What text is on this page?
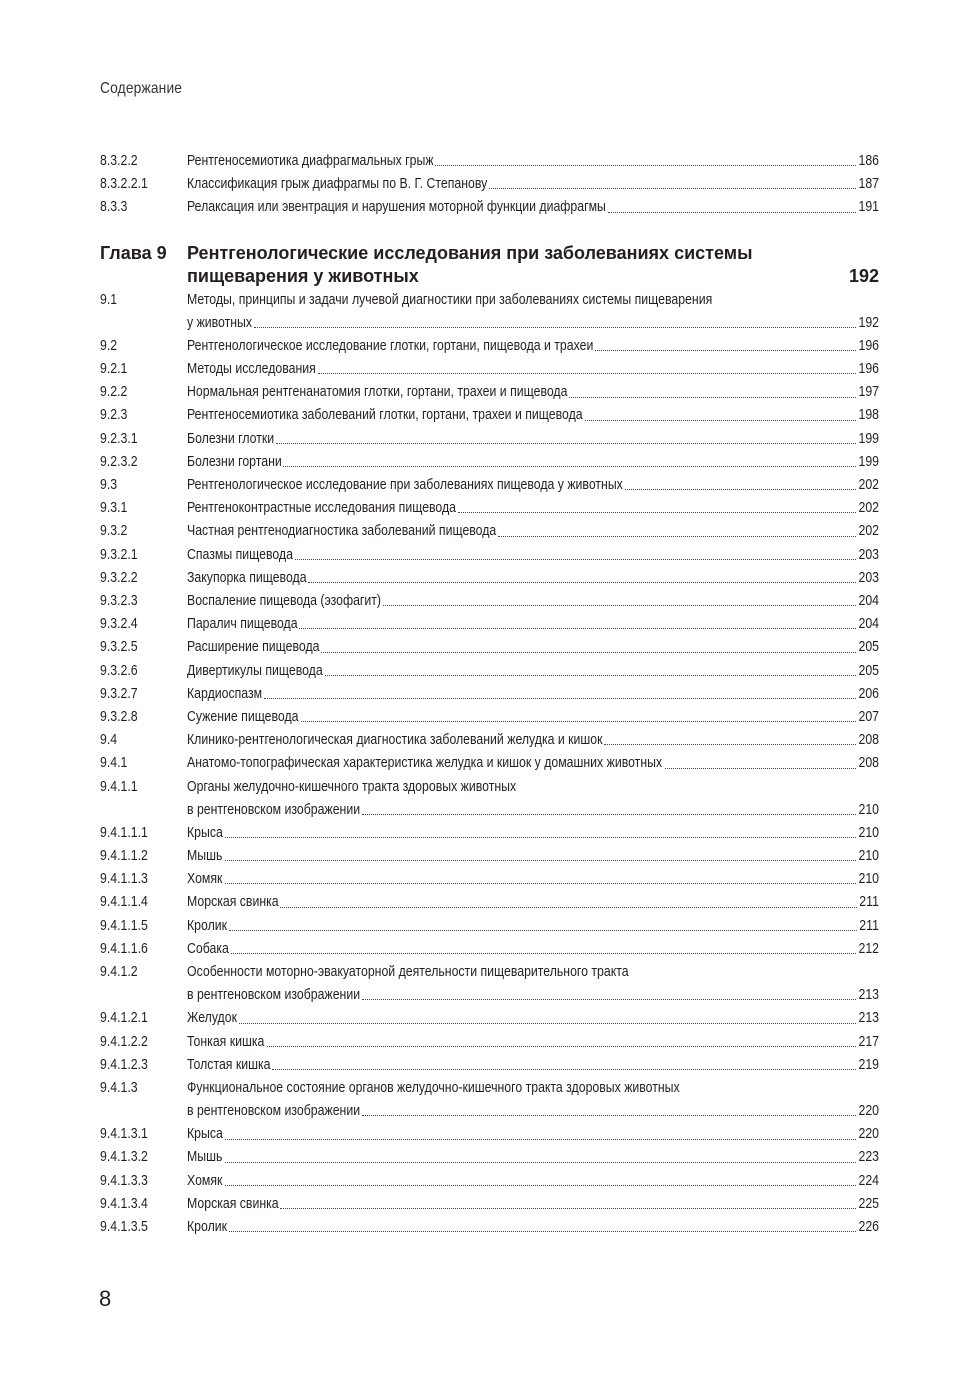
Содержание
8.3.2.2	Рентгеносемиотика диафрагмальных грыж	186
8.3.2.2.1	Классификация грыж диафрагмы по В. Г. Степанову	187
8.3.3	Релаксация или эвентрация и нарушения моторной функции диафрагмы	191
Глава 9	Рентгенологические исследования при заболеваниях системы
пищеварения у животных	192
9.1	Методы, принципы и задачи лучевой диагностики при заболеваниях системы пищеварения
у животных	192
9.2	Рентгенологическое исследование глотки, гортани, пищевода и трахеи	196
9.2.1	Методы исследования	196
9.2.2	Нормальная рентгенанатомия глотки, гортани, трахеи и пищевода	197
9.2.3	Рентгеносемиотика заболеваний глотки, гортани, трахеи и пищевода	198
9.2.3.1	Болезни глотки	199
9.2.3.2	Болезни гортани	199
9.3	Рентгенологическое исследование при заболеваниях пищевода у животных	202
9.3.1	Рентгеноконтрастные исследования пищевода	202
9.3.2	Частная рентгенодиагностика заболеваний пищевода	202
9.3.2.1	Спазмы пищевода	203
9.3.2.2	Закупорка пищевода	203
9.3.2.3	Воспаление пищевода (эзофагит)	204
9.3.2.4	Паралич пищевода	204
9.3.2.5	Расширение пищевода	205
9.3.2.6	Дивертикулы пищевода	205
9.3.2.7	Кардиоспазм	206
9.3.2.8	Сужение пищевода	207
9.4	Клинико-рентгенологическая диагностика заболеваний желудка и кишок	208
9.4.1	Анатомо-топографическая характеристика желудка и кишок у домашних животных	208
9.4.1.1	Органы желудочно-кишечного тракта здоровых животных
в рентгеновском изображении	210
9.4.1.1.1	Крыса	210
9.4.1.1.2	Мышь	210
9.4.1.1.3	Хомяк	210
9.4.1.1.4	Морская свинка	211
9.4.1.1.5	Кролик	211
9.4.1.1.6	Собака	212
9.4.1.2	Особенности моторно-эвакуаторной деятельности пищеварительного тракта
в рентгеновском изображении	213
9.4.1.2.1	Желудок	213
9.4.1.2.2	Тонкая кишка	217
9.4.1.2.3	Толстая кишка	219
9.4.1.3	Функциональное состояние органов желудочно-кишечного тракта здоровых животных
в рентгеновском изображении	220
9.4.1.3.1	Крыса	220
9.4.1.3.2	Мышь	223
9.4.1.3.3	Хомяк	224
9.4.1.3.4	Морская свинка	225
9.4.1.3.5	Кролик	226
8
